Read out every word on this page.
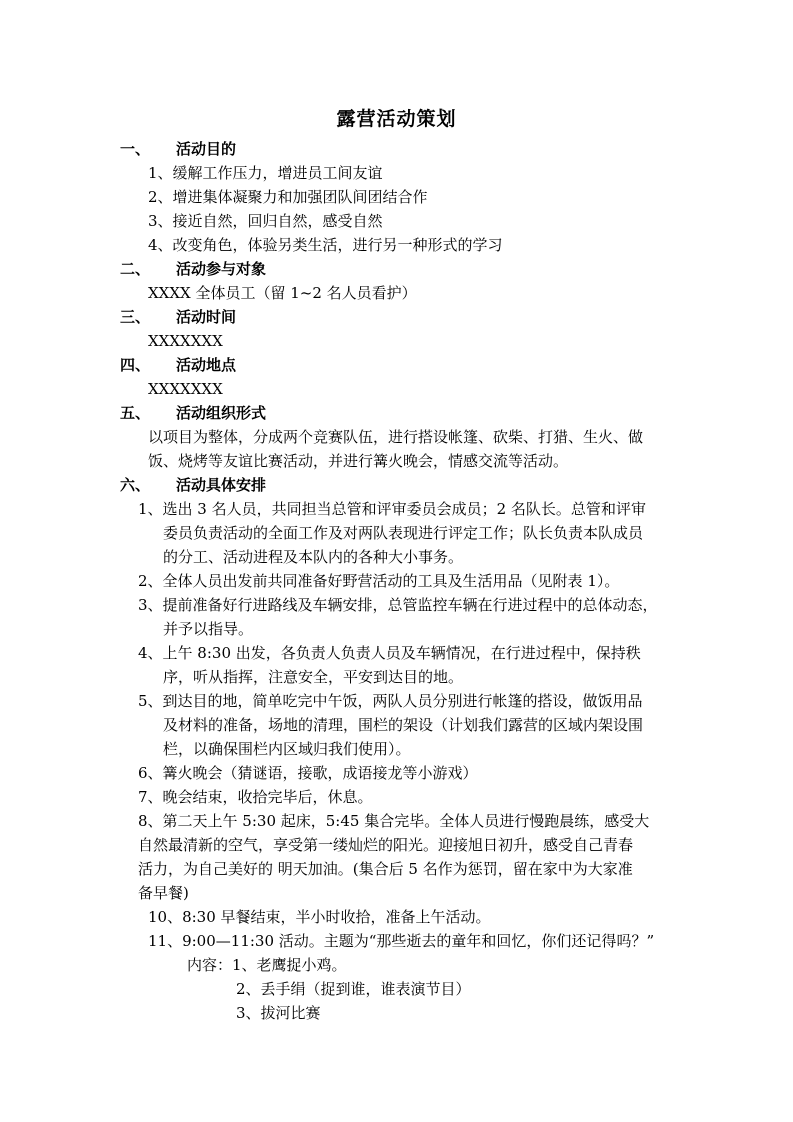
露营活动策划
一、 活动目的
1、缓解工作压力，增进员工间友谊
2、增进集体凝聚力和加强团队间团结合作
3、接近自然，回归自然，感受自然
4、改变角色，体验另类生活，进行另一种形式的学习
二、 活动参与对象
XXXX 全体员工（留 1~2 名人员看护）
三、 活动时间
XXXXXXX
四、 活动地点
XXXXXXX
五、 活动组织形式
以项目为整体，分成两个竞赛队伍，进行搭设帐篷、砍柴、打猎、生火、做
饭、烧烤等友谊比赛活动，并进行篝火晚会，情感交流等活动。
六、 活动具体安排
1、选出 3 名人员，共同担当总管和评审委员会成员；2 名队长。总管和评审
委员负责活动的全面工作及对两队表现进行评定工作；队长负责本队成员
的分工、活动进程及本队内的各种大小事务。
2、全体人员出发前共同准备好野营活动的工具及生活用品（见附表 1）。
3、提前准备好行进路线及车辆安排，总管监控车辆在行进过程中的总体动态，
并予以指导。
4、上午 8:30 出发，各负责人负责人员及车辆情况，在行进过程中，保持秩
序，听从指挥，注意安全，平安到达目的地。
5、到达目的地，简单吃完中午饭，两队人员分别进行帐篷的搭设，做饭用品
及材料的准备，场地的清理，围栏的架设（计划我们露营的区域内架设围
栏，以确保围栏内区域归我们使用）。
6、篝火晚会（猜谜语，接歌，成语接龙等小游戏）
7、晚会结束，收拾完毕后，休息。
8、第二天上午 5:30 起床，5:45 集合完毕。全体人员进行慢跑晨练，感受大
自然最清新的空气，享受第一缕灿烂的阳光。迎接旭日初升，感受自己青春
活力，为自己美好的 明天加油。(集合后 5 名作为惩罚，留在家中为大家准
备早餐)
10、8:30 早餐结束，半小时收拾，准备上午活动。
11、9:00—11:30 活动。主题为“那些逝去的童年和回忆，你们还记得吗？”
内容：1、老鹰捉小鸡。
2、丢手绢（捉到谁，谁表演节目）
3、拔河比赛
